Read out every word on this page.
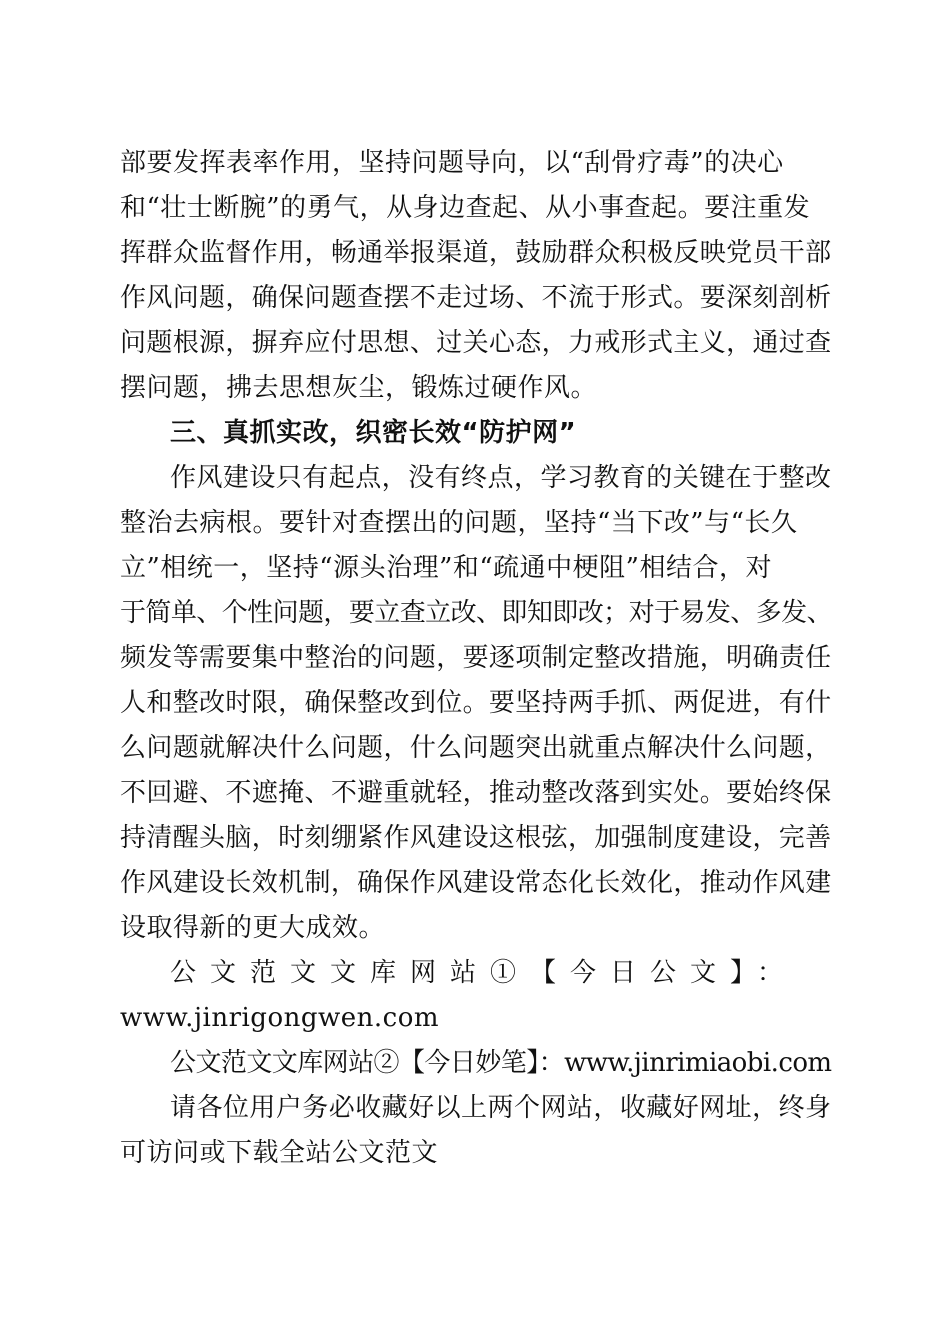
部要发挥表率作用，坚持问题导向，以“刮骨疗毒”的决心
和“壮士断腕”的勇气，从身边查起、从小事查起。要注重发
挥群众监督作用，畅通举报渠道，鼓励群众积极反映党员干部
作风问题，确保问题查摆不走过场、不流于形式。要深刻剖析
问题根源，摒弃应付思想、过关心态，力戒形式主义，通过查
摆问题，拂去思想灰尘，锻炼过硬作风。
三、真抓实改，织密长效“防护网”
作风建设只有起点，没有终点，学习教育的关键在于整改
整治去病根。要针对查摆出的问题，坚持“当下改”与“长久
立”相统一，坚持“源头治理”和“疏通中梗阻”相结合，对
于简单、个性问题，要立查立改、即知即改；对于易发、多发、
频发等需要集中整治的问题，要逐项制定整改措施，明确责任
人和整改时限，确保整改到位。要坚持两手抓、两促进，有什
么问题就解决什么问题，什么问题突出就重点解决什么问题，
不回避、不遮掩、不避重就轻，推动整改落到实处。要始终保
持清醒头脑，时刻绷紧作风建设这根弦，加强制度建设，完善
作风建设长效机制，确保作风建设常态化长效化，推动作风建
设取得新的更大成效。
公文范文文库网站①【今日公文】：
www.jinrigongwen.com
公文范文文库网站②【今日妙笔】：www.jinrimiaobi.com
请各位用户务必收藏好以上两个网站，收藏好网址，终身
可访问或下载全站公文范文
